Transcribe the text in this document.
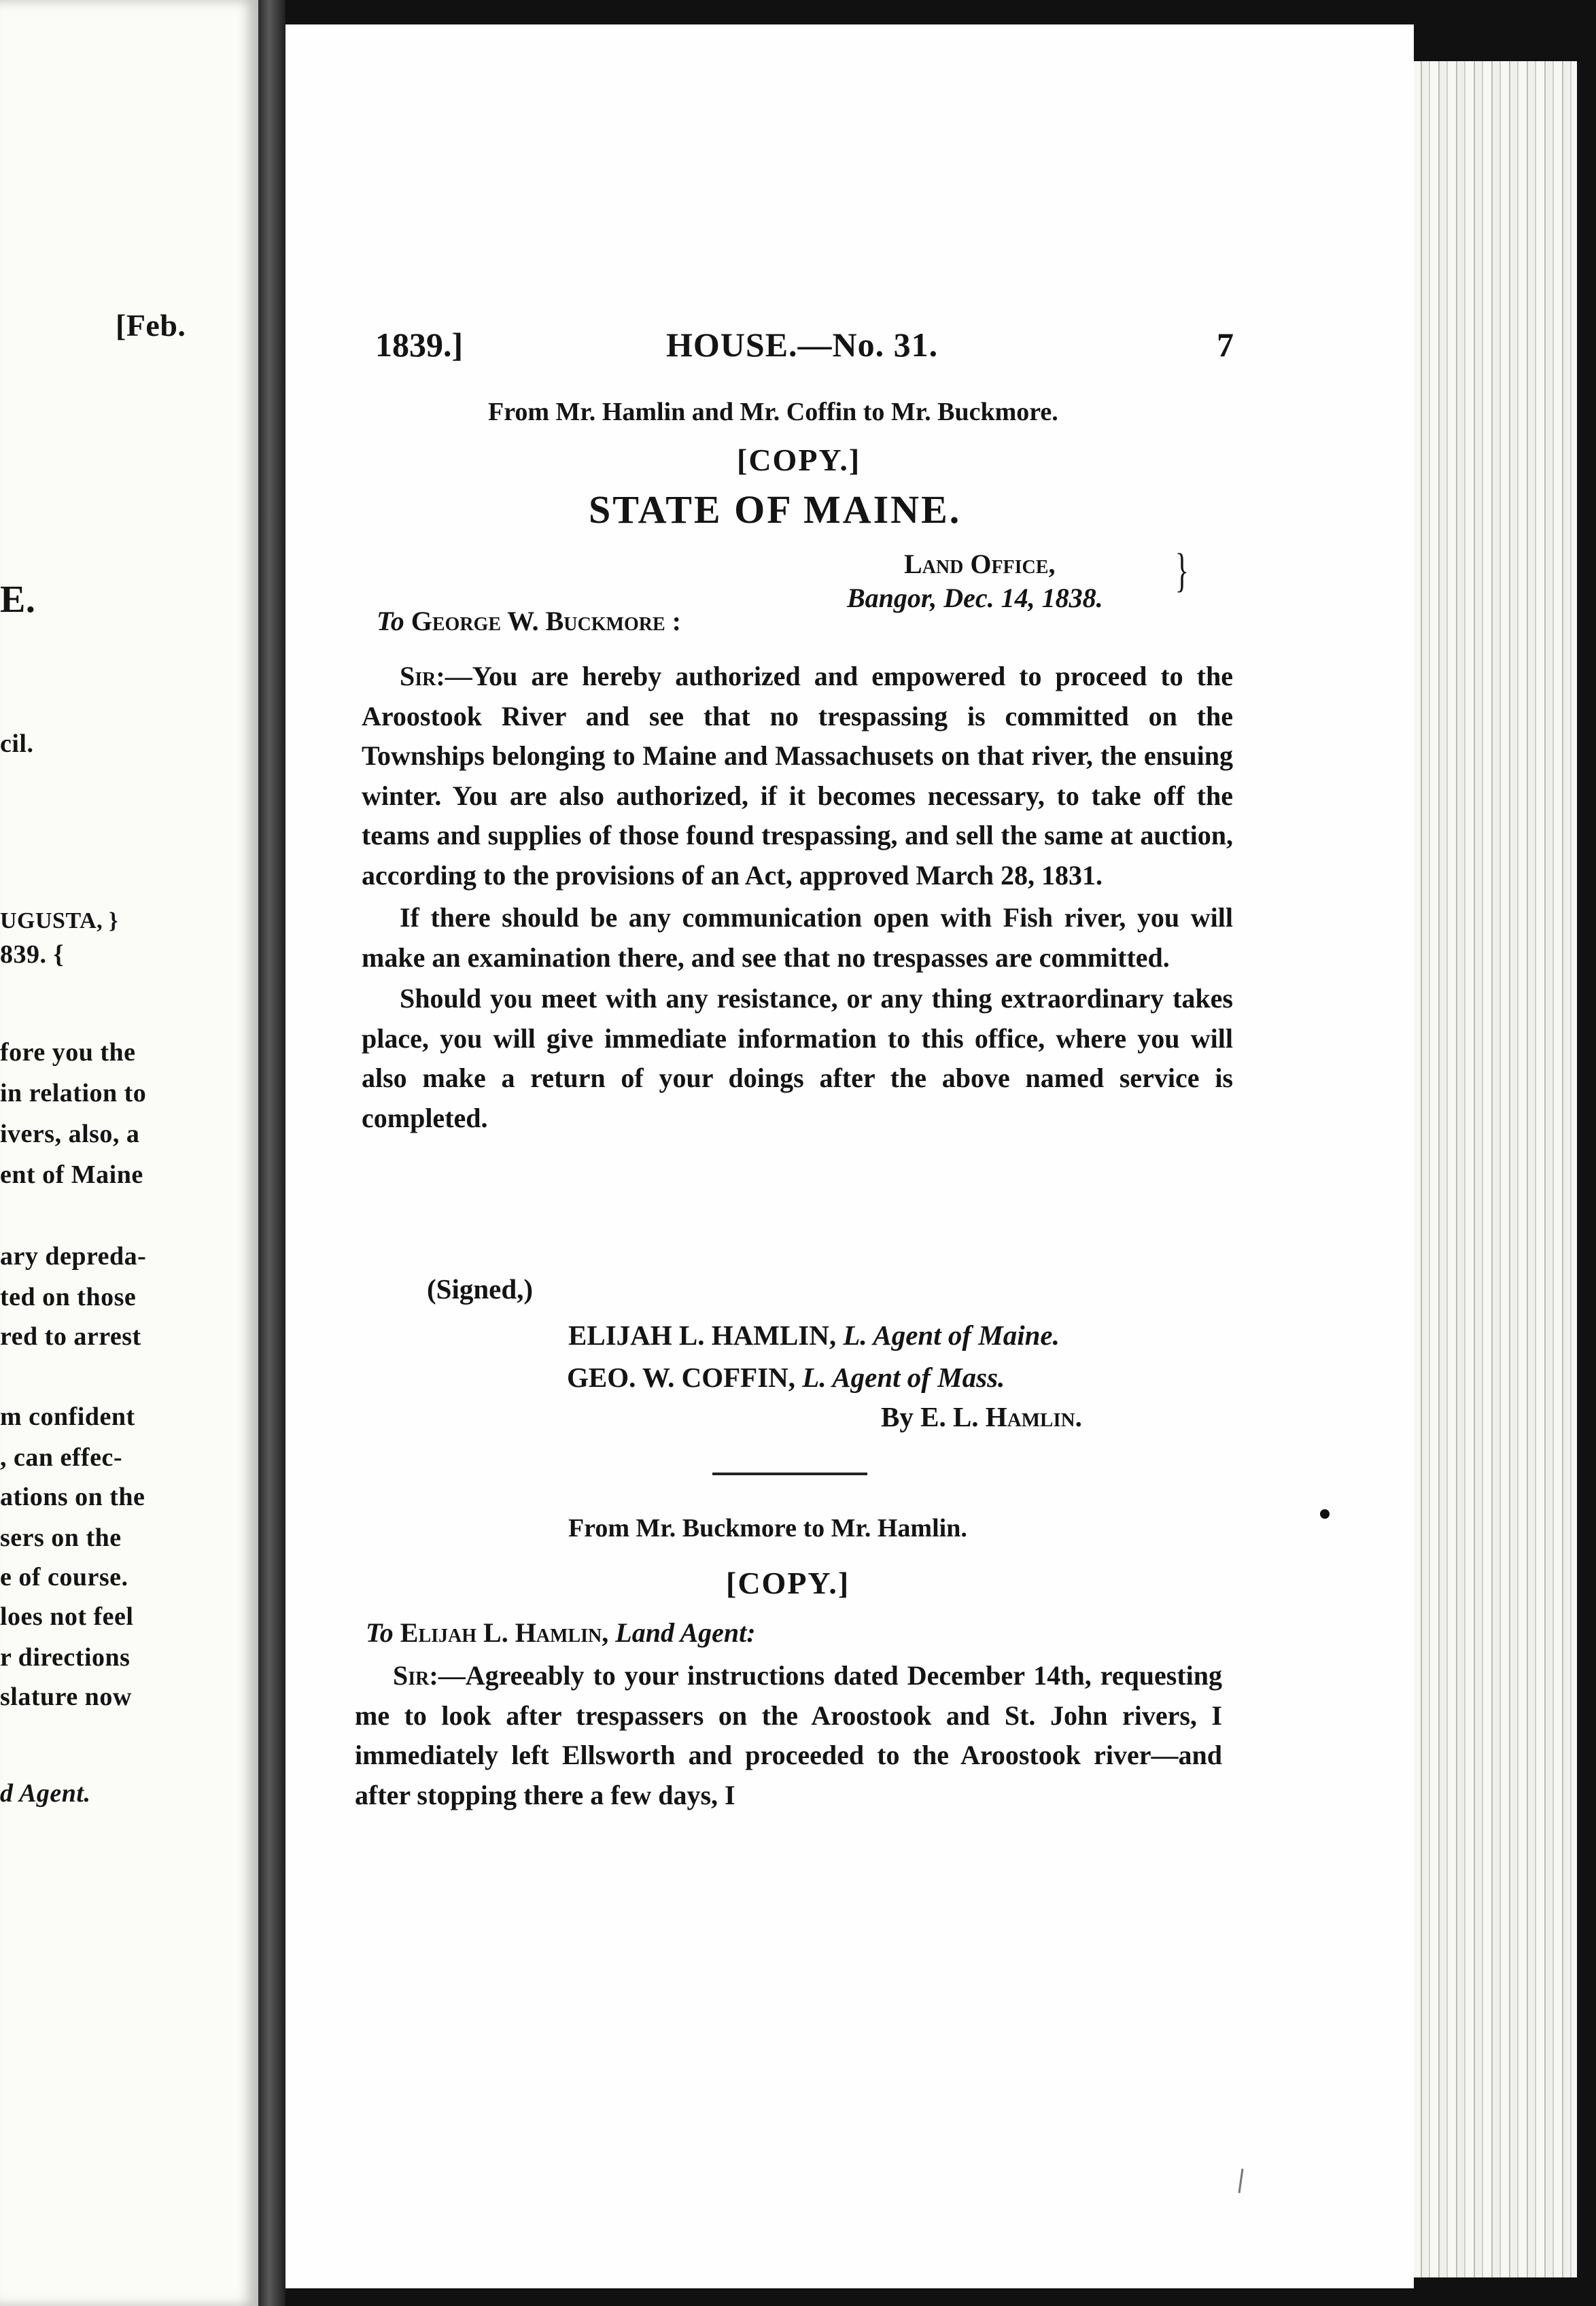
[Feb.
E.
cil.
UGUSTA, }
839. {
fore you the
in relation to
ivers, also, a
ent of Maine
ary depreda-
ted on those
red to arrest
m confident
, can effec-
ations on the
sers on the
e of course.
loes not feel
r directions
slature now
d Agent.
1839.]	HOUSE.—No. 31.	7
From Mr. Hamlin and Mr. Coffin to Mr. Buckmore.
[COPY.]
STATE OF MAINE.
Land Office,
Bangor, Dec. 14, 1838.
}
To George W. Buckmore :

Sir:—You are hereby authorized and empowered to proceed to the Aroostook River and see that no trespassing is committed on the Townships belonging to Maine and Massachusets on that river, the ensuing winter. You are also authorized, if it becomes necessary, to take off the teams and supplies of those found trespassing, and sell the same at auction, according to the provisions of an Act, approved March 28, 1831.

If there should be any communication open with Fish river, you will make an examination there, and see that no trespasses are committed.

Should you meet with any resistance, or any thing extraordinary takes place, you will give immediate information to this office, where you will also make a return of your doings after the above named service is completed.

(Signed,)
ELIJAH L. HAMLIN, L. Agent of Maine.
GEO. W. COFFIN, L. Agent of Mass.
By E. L. Hamlin.
From Mr. Buckmore to Mr. Hamlin.
[COPY.]
To Elijah L. Hamlin, Land Agent:

Sir:—Agreeably to your instructions dated December 14th, requesting me to look after trespassers on the Aroostook and St. John rivers, I immediately left Ellsworth and proceeded to the Aroostook river—and after stopping there a few days, I
